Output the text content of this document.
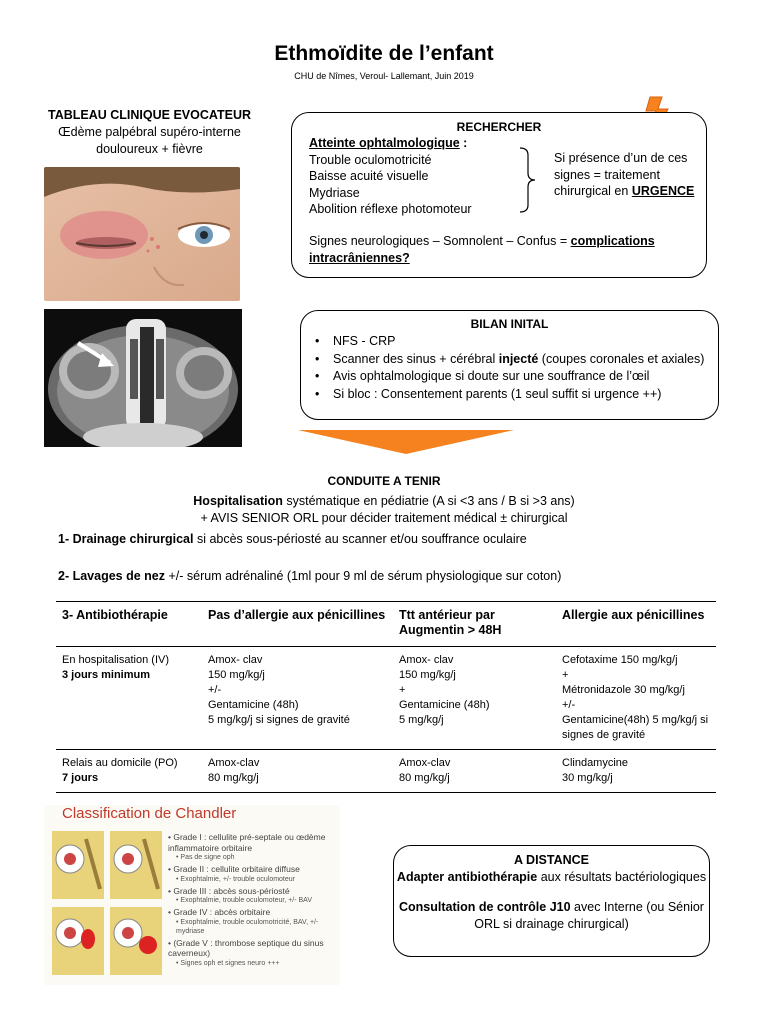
Ethmoïdite de l’enfant
CHU de Nîmes, Veroul- Lallemant, Juin 2019
TABLEAU CLINIQUE EVOCATEUR
Œdème palpébral supéro-interne
douloureux + fièvre
RECHERCHER
Atteinte ophtalmologique :
Trouble oculomotricité
Baisse acuité visuelle
Mydriase
Abolition réflexe photomoteur
Si présence d’un de ces signes = traitement chirurgical en URGENCE
Signes neurologiques – Somnolent – Confus = complications intracrâniennes?
BILAN INITAL
• NFS - CRP
• Scanner des sinus + cérébral injecté (coupes coronales et axiales)
• Avis ophtalmologique si doute sur une souffrance de l’œil
• Si bloc : Consentement parents (1 seul suffit si urgence ++)
CONDUITE A TENIR
Hospitalisation systématique en pédiatrie (A si <3 ans / B si >3 ans)
+ AVIS SENIOR ORL pour décider traitement médical ± chirurgical
1- Drainage chirurgical si abcès sous-périosté au scanner et/ou souffrance oculaire
2- Lavages de nez +/- sérum adrénaliné (1ml pour 9 ml de sérum physiologique sur coton)
3- Antibiothérapie	Pas d’allergie aux pénicillines	Ttt antérieur par Augmentin > 48H	Allergie aux pénicillines
En hospitalisation (IV)
3 jours minimum	Amox- clav
150 mg/kg/j
+/-
Gentamicine (48h)
5 mg/kg/j si signes de gravité	Amox- clav
150 mg/kg/j
+
Gentamicine (48h)
5 mg/kg/j	Cefotaxime 150 mg/kg/j
+
Métronidazole 30 mg/kg/j
+/-
Gentamicine(48h) 5 mg/kg/j si signes de gravité
Relais au domicile (PO)
7 jours	Amox-clav
80 mg/kg/j	Amox-clav
80 mg/kg/j	Clindamycine
30 mg/kg/j
Classification de Chandler
• Grade I : cellulite pré-septale ou œdème inflammatoire orbitaire
• Pas de signe oph
• Grade II : cellulite orbitaire diffuse
• Exophtalmie, +/- trouble oculomoteur
• Grade III : abcès sous-périosté
• Exophtalmie, trouble oculomoteur, +/- BAV
• Grade IV : abcès orbitaire
• Exophtalmie, trouble oculomotricité, BAV, +/- mydriase
• (Grade V : thrombose septique du sinus caverneux)
• Signes oph et signes neuro +++
A DISTANCE
Adapter antibiothérapie aux résultats bactériologiques
Consultation de contrôle J10 avec Interne (ou Sénior ORL si drainage chirurgical)
